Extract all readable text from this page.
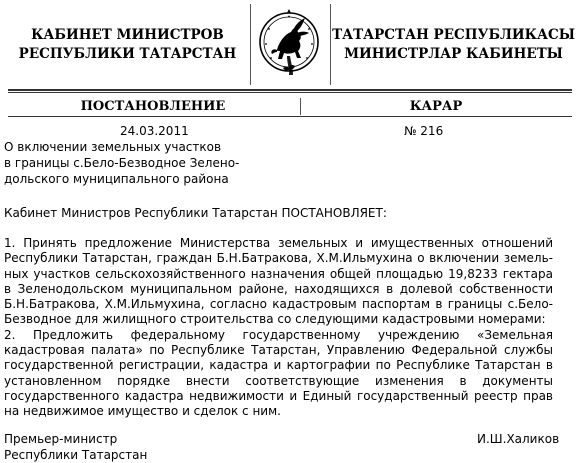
КАБИНЕТ МИНИСТРОВ
РЕСПУБЛИКИ ТАТАРСТАН
ТАТАРСТАН РЕСПУБЛИКАСЫ
МИНИСТРЛАР КАБИНЕТЫ
ПОСТАНОВЛЕНИЕ	КАРАР
24.03.2011	№ 216
О включении земельных участков
в границы с.Бело-Безводное Зелено-
дольского муниципального района
Кабинет Министров Республики Татарстан ПОСТАНОВЛЯЕТ:

1. Принять предложение Министерства земельных и имущественных отношений Республики Татарстан, граждан Б.Н.Батракова, Х.М.Ильмухина о включении земель-ных участков сельскохозяйственного назначения общей площадью 19,8233 гектара в Зеленодольском муниципальном районе, находящихся в долевой собственности Б.Н.Батракова, Х.М.Ильмухина, согласно кадастровым паспортам в границы с.Бело-Безводное для жилищного строительства со следующими кадастровыми номерами:

2. Предложить федеральному государственному учреждению «Земельная кадастровая палата» по Республике Татарстан, Управлению Федеральной службы государственной регистрации, кадастра и картографии по Республике Татарстан в установленном порядке внести соответствующие изменения в документы государственного кадастра недвижимости и Единый государственный реестр прав на недвижимое имущество и сделок с ним.

Премьер-министр
Республики Татарстан
И.Ш.Халиков
